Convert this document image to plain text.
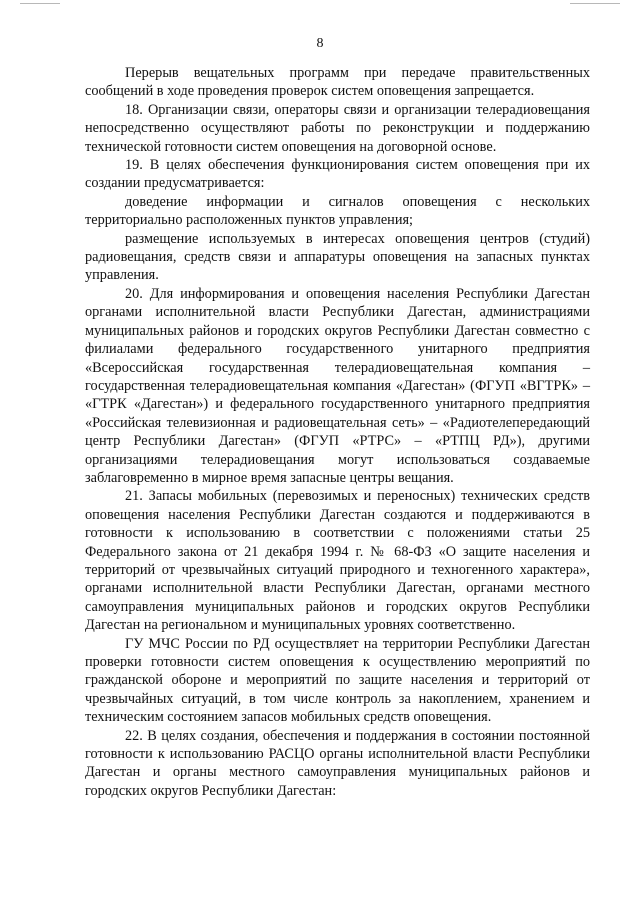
8

Перерыв вещательных программ при передаче правительственных сообщений в ходе проведения проверок систем оповещения запрещается.

18. Организации связи, операторы связи и организации телерадиовещания непосредственно осуществляют работы по реконструкции и поддержанию технической готовности систем оповещения на договорной основе.

19. В целях обеспечения функционирования систем оповещения при их создании предусматривается:

доведение информации и сигналов оповещения с нескольких территориально расположенных пунктов управления;

размещение используемых в интересах оповещения центров (студий) радиовещания, средств связи и аппаратуры оповещения на запасных пунктах управления.

20. Для информирования и оповещения населения Республики Дагестан органами исполнительной власти Республики Дагестан, администрациями муниципальных районов и городских округов Республики Дагестан совместно с филиалами федерального государственного унитарного предприятия «Всероссийская государственная телерадиовещательная компания – государственная телерадиовещательная компания «Дагестан» (ФГУП «ВГТРК» – «ГТРК «Дагестан») и федерального государственного унитарного предприятия «Российская телевизионная и радиовещательная сеть» – «Радиотелепередающий центр Республики Дагестан» (ФГУП «РТРС» – «РТПЦ РД»), другими организациями телерадиовещания могут использоваться создаваемые заблаговременно в мирное время запасные центры вещания.

21. Запасы мобильных (перевозимых и переносных) технических средств оповещения населения Республики Дагестан создаются и поддерживаются в готовности к использованию в соответствии с положениями статьи 25 Федерального закона от 21 декабря 1994 г. № 68-ФЗ «О защите населения и территорий от чрезвычайных ситуаций природного и техногенного характера», органами исполнительной власти Республики Дагестан, органами местного самоуправления муниципальных районов и городских округов Республики Дагестан на региональном и муниципальных уровнях соответственно.

ГУ МЧС России по РД осуществляет на территории Республики Дагестан проверки готовности систем оповещения к осуществлению мероприятий по гражданской обороне и мероприятий по защите населения и территорий от чрезвычайных ситуаций, в том числе контроль за накоплением, хранением и техническим состоянием запасов мобильных средств оповещения.

22. В целях создания, обеспечения и поддержания в состоянии постоянной готовности к использованию РАСЦО органы исполнительной власти Республики Дагестан и органы местного самоуправления муниципальных районов и городских округов Республики Дагестан:
